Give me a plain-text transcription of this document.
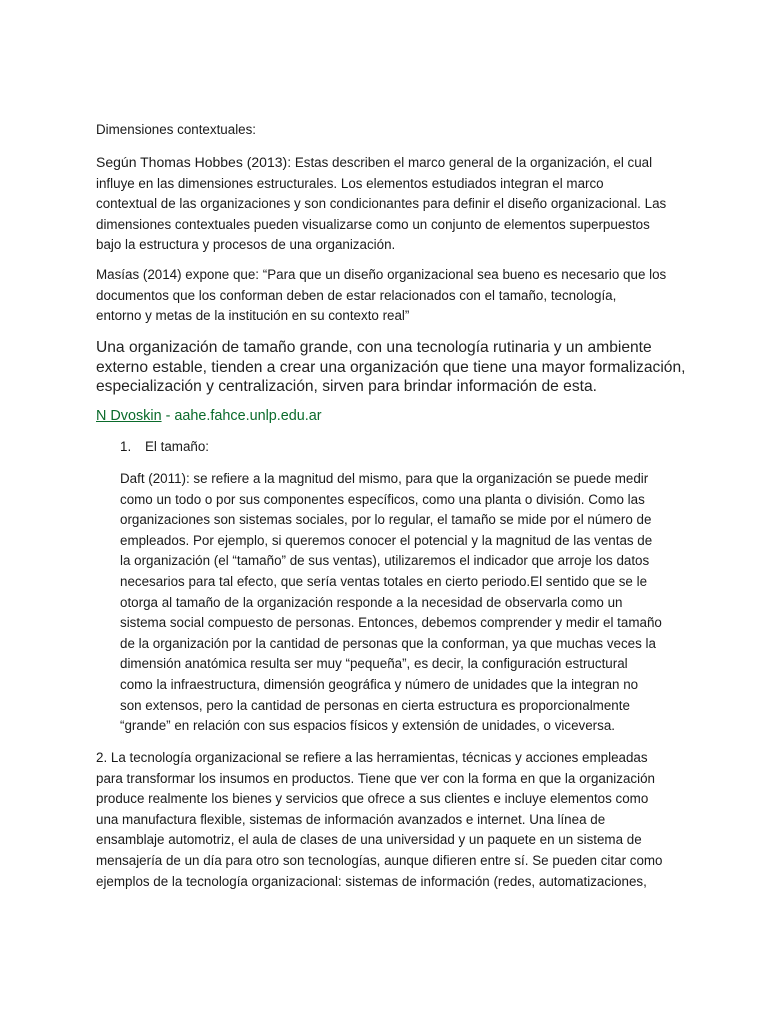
Dimensiones contextuales:

Según Thomas Hobbes (2013): Estas describen el marco general de la organización, el cual
influye en las dimensiones estructurales. Los elementos estudiados integran el marco
contextual de las organizaciones y son condicionantes para definir el diseño organizacional. Las
dimensiones contextuales pueden visualizarse como un conjunto de elementos superpuestos
bajo la estructura y procesos de una organización.

Masías (2014) expone que: “Para que un diseño organizacional sea bueno es necesario que los
documentos que los conforman deben de estar relacionados con el tamaño, tecnología,
entorno y metas de la institución en su contexto real”

Una organización de tamaño grande, con una tecnología rutinaria y un ambiente
externo estable, tienden a crear una organización que tiene una mayor formalización,
especialización y centralización, sirven para brindar información de esta.

N Dvoskin - aahe.fahce.unlp.edu.ar

1. El tamaño:

Daft (2011): se refiere a la magnitud del mismo, para que la organización se puede medir
como un todo o por sus componentes específicos, como una planta o división. Como las
organizaciones son sistemas sociales, por lo regular, el tamaño se mide por el número de
empleados. Por ejemplo, si queremos conocer el potencial y la magnitud de las ventas de
la organización (el “tamaño” de sus ventas), utilizaremos el indicador que arroje los datos
necesarios para tal efecto, que sería ventas totales en cierto periodo.El sentido que se le
otorga al tamaño de la organización responde a la necesidad de observarla como un
sistema social compuesto de personas. Entonces, debemos comprender y medir el tamaño
de la organización por la cantidad de personas que la conforman, ya que muchas veces la
dimensión anatómica resulta ser muy “pequeña”, es decir, la configuración estructural
como la infraestructura, dimensión geográfica y número de unidades que la integran no
son extensos, pero la cantidad de personas en cierta estructura es proporcionalmente
“grande” en relación con sus espacios físicos y extensión de unidades, o viceversa.

2. La tecnología organizacional se refiere a las herramientas, técnicas y acciones empleadas
para transformar los insumos en productos. Tiene que ver con la forma en que la organización
produce realmente los bienes y servicios que ofrece a sus clientes e incluye elementos como
una manufactura flexible, sistemas de información avanzados e internet. Una línea de
ensamblaje automotriz, el aula de clases de una universidad y un paquete en un sistema de
mensajería de un día para otro son tecnologías, aunque difieren entre sí. Se pueden citar como
ejemplos de la tecnología organizacional: sistemas de información (redes, automatizaciones,
